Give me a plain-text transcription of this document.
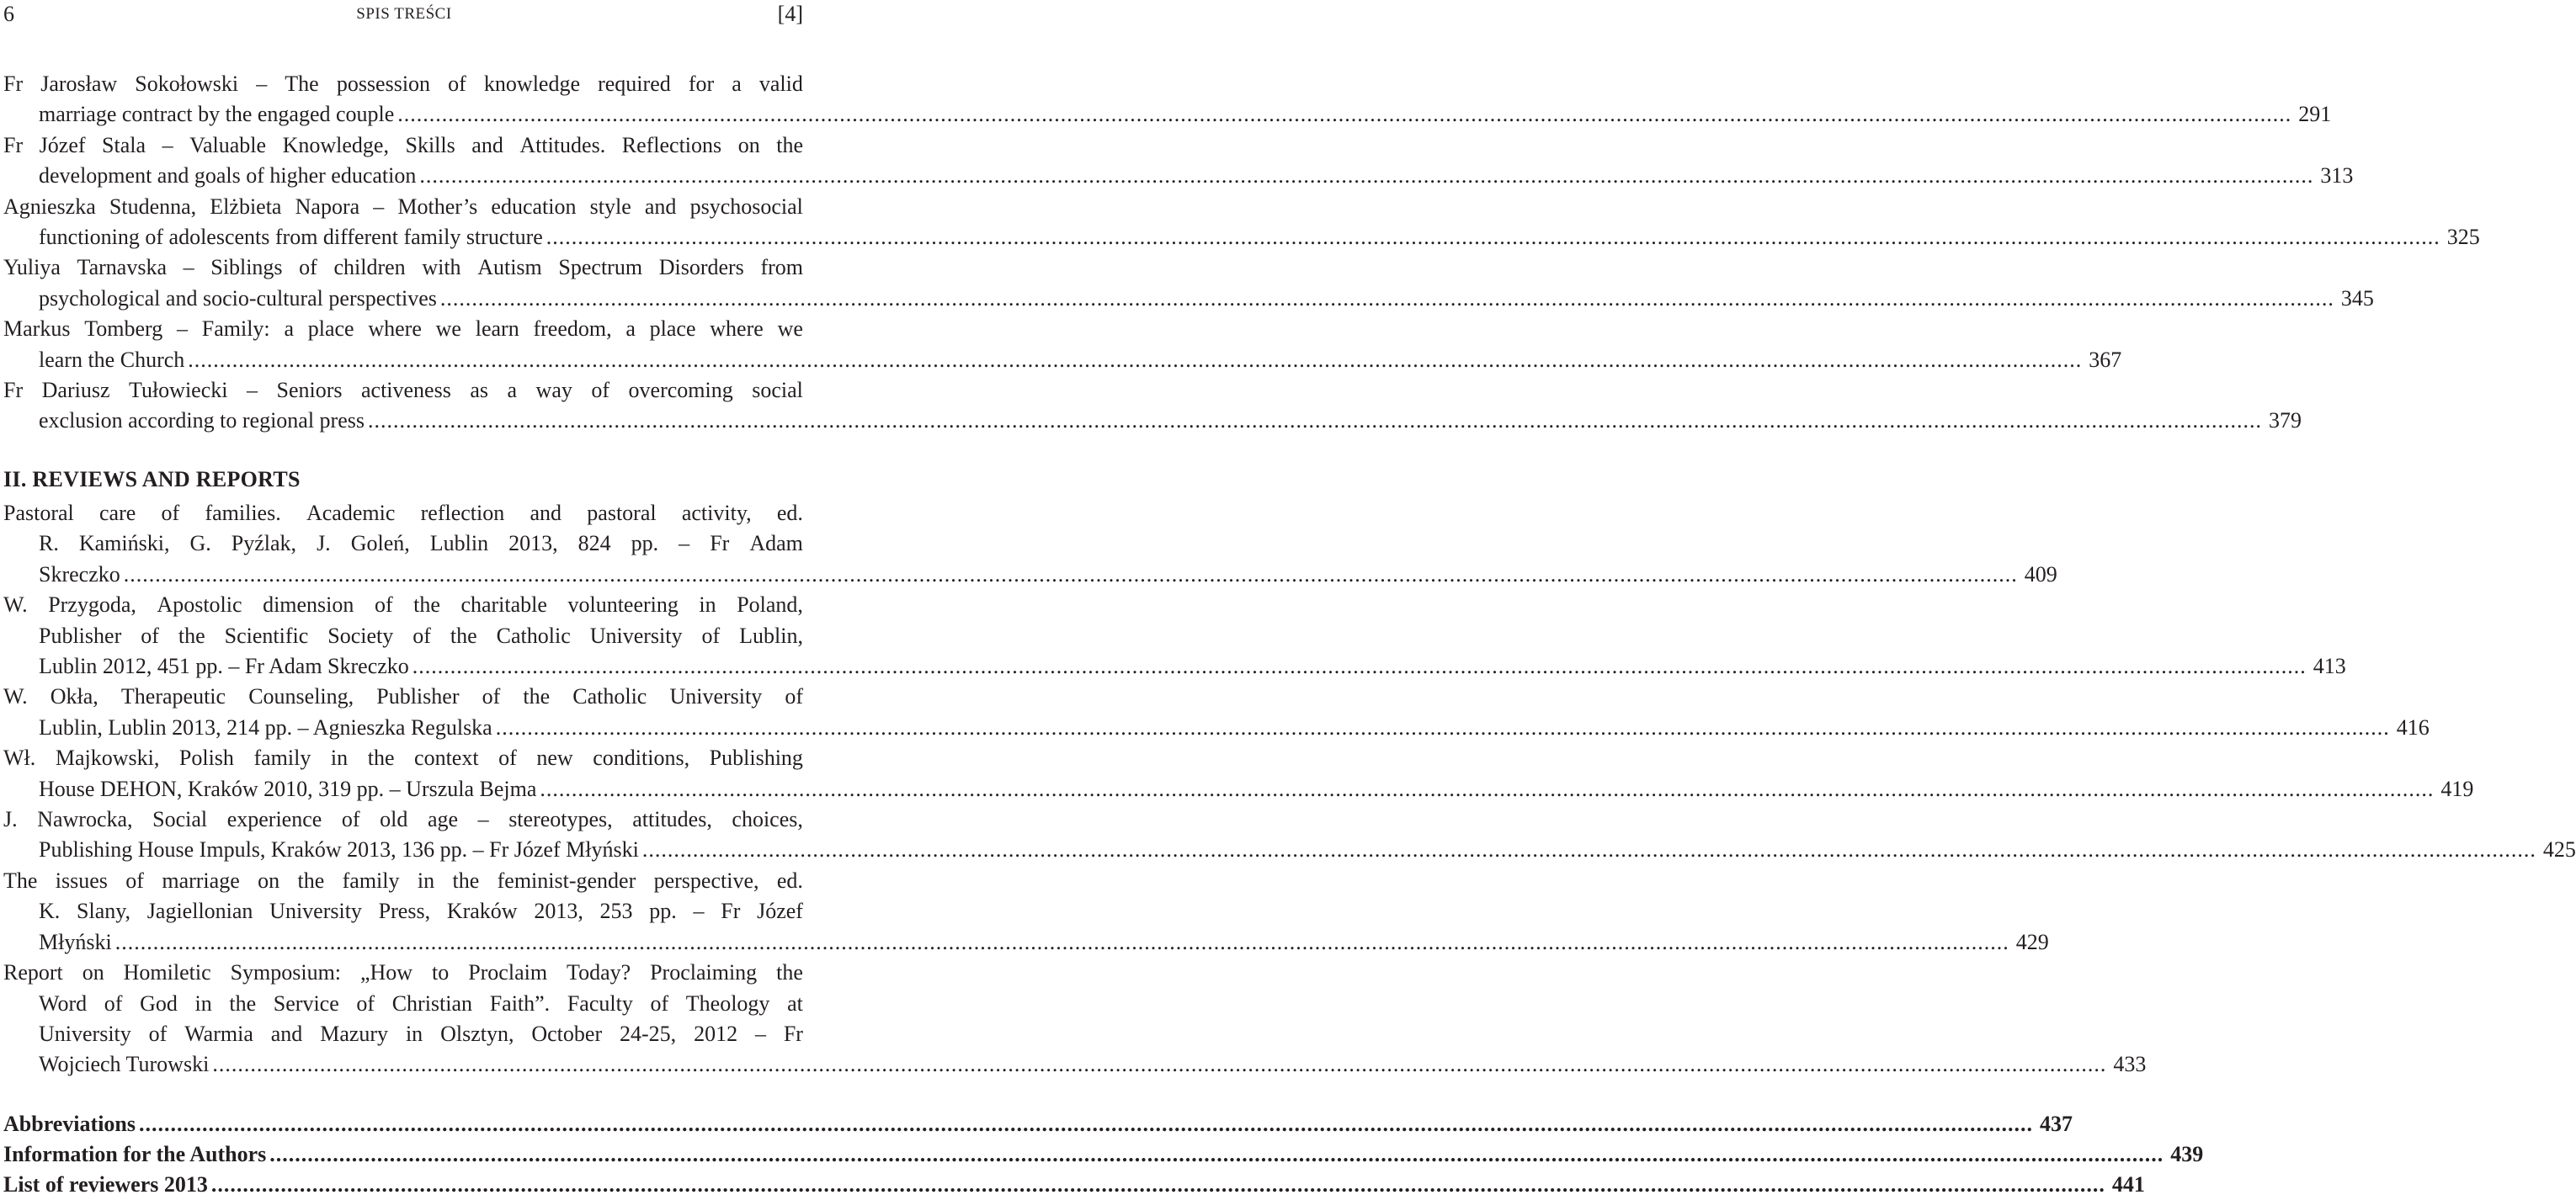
6	SPIS TREŚCI	[4]
Fr Jarosław Sokołowski – The possession of knowledge required for a valid
marriage contract by the engaged couple ............................................................................................................................................................................................................................................................................................................ 291
Fr Józef Stala – Valuable Knowledge, Skills and Attitudes. Reflections on the
development and goals of higher education ............................................................................................................................................................................................................................................................................................................ 313
Agnieszka Studenna, Elżbieta Napora – Mother’s education style and psychosocial
functioning of adolescents from different family structure ............................................................................................................................................................................................................................................................................................................ 325
Yuliya Tarnavska – Siblings of children with Autism Spectrum Disorders from
psychological and socio-cultural perspectives ............................................................................................................................................................................................................................................................................................................ 345
Markus Tomberg – Family: a place where we learn freedom, a place where we
learn the Church ............................................................................................................................................................................................................................................................................................................ 367
Fr Dariusz Tułowiecki – Seniors activeness as a way of overcoming social
exclusion according to regional press ............................................................................................................................................................................................................................................................................................................ 379
II. REVIEWS AND REPORTS
Pastoral care of families. Academic reflection and pastoral activity, ed.
R. Kamiński, G. Pyźlak, J. Goleń, Lublin 2013, 824 pp. – Fr Adam
Skreczko ............................................................................................................................................................................................................................................................................................................ 409
W. Przygoda, Apostolic dimension of the charitable volunteering in Poland,
Publisher of the Scientific Society of the Catholic University of Lublin,
Lublin 2012, 451 pp. – Fr Adam Skreczko ............................................................................................................................................................................................................................................................................................................ 413
W. Okła, Therapeutic Counseling, Publisher of the Catholic University of
Lublin, Lublin 2013, 214 pp. – Agnieszka Regulska ............................................................................................................................................................................................................................................................................................................ 416
Wł. Majkowski, Polish family in the context of new conditions, Publishing
House DEHON, Kraków 2010, 319 pp. – Urszula Bejma ............................................................................................................................................................................................................................................................................................................ 419
J. Nawrocka, Social experience of old age – stereotypes, attitudes, choices,
Publishing House Impuls, Kraków 2013, 136 pp. – Fr Józef Młyński ............................................................................................................................................................................................................................................................................................................ 425
The issues of marriage on the family in the feminist-gender perspective, ed.
K. Slany, Jagiellonian University Press, Kraków 2013, 253 pp. – Fr Józef
Młyński ............................................................................................................................................................................................................................................................................................................ 429
Report on Homiletic Symposium: „How to Proclaim Today? Proclaiming the
Word of God in the Service of Christian Faith”. Faculty of Theology at
University of Warmia and Mazury in Olsztyn, October 24-25, 2012 – Fr
Wojciech Turowski ............................................................................................................................................................................................................................................................................................................ 433
Abbreviations ............................................................................................................................................................................................................................................................................................................ 437
Information for the Authors ............................................................................................................................................................................................................................................................................................................ 439
List of reviewers 2013 ............................................................................................................................................................................................................................................................................................................ 441
